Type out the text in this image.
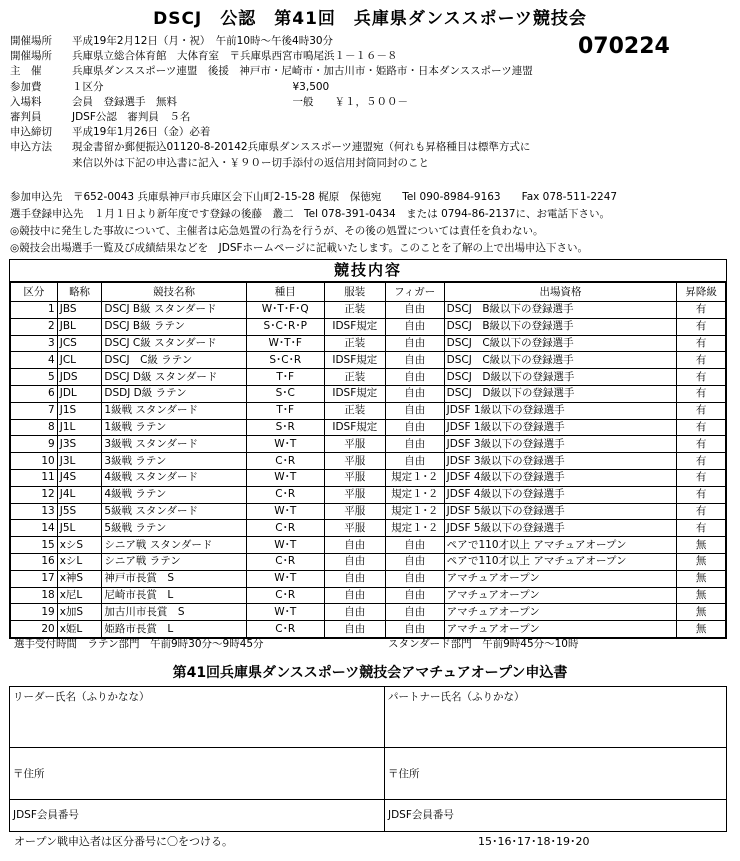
DSCJ　公認　第41回　兵庫県ダンススポーツ競技会
070224
開催場所 平成19年2月12日（月・祝）　午前10時～午後4時30分
開催場所 兵庫県立総合体育館　大体育室　〒兵庫県西宮市鳴尾浜１－１６－８
主　催	兵庫県ダンススポーツ連盟　後援　神戸市・尼崎市・加古川市・姫路市・日本ダンススポーツ連盟
参加費	１区分　　　　　　　　　　　　　　　　　　¥3,500
入場料	会員　登録選手　無料　　　　　　　　　　　一般　　￥１，５００－
審判員	JDSF公認　審判員　５名
申込締切 平成19年1月26日（金）必着
申込方法 現金書留か郵便振込01120-8-20142兵庫県ダンススポーツ連盟宛（何れも昇格種目は標準方式に
来信以外は下記の申込書に記入・￥９０ー切手添付の返信用封筒同封のこと
参加申込先　〒652-0043 兵庫県神戸市兵庫区会下山町2-15-28 梶原　保徳宛　　Tel 090-8984-9163　　Fax 078-511-2247
選手登録申込先　１月１日より新年度です登録の後藤　叢二　Tel 078-391-0434　または 0794-86-2137に、お電話下さい。
◎競技中に発生した事故について、主催者は応急処置の行為を行うが、その後の処置については責任を負わない。
◎競技会出場選手一覧及び成績結果などを　JDSFホームページに記載いたします。このことを了解の上で出場申込下さい。
競技内容
区分	略称	競技名称	種目	服装	フィガー	出場資格	昇降級
1	JBS	DSCJ B級 スタンダード	W･T･F･Q	正装	自由	DSCJ　B級以下の登録選手	有
2	JBL	DSCJ B級 ラテン	S･C･R･P	IDSF規定	自由	DSCJ　B級以下の登録選手	有
3	JCS	DSCJ C級 スタンダード	W･T･F	正装	自由	DSCJ　C級以下の登録選手	有
4	JCL	DSCJ　C級 ラテン	S･C･R	IDSF規定	自由	DSCJ　C級以下の登録選手	有
5	JDS	DSCJ D級 スタンダード	T･F	正装	自由	DSCJ　D級以下の登録選手	有
6	JDL	DSDJ D級 ラテン	S･C	IDSF規定	自由	DSCJ　D級以下の登録選手	有
7	J1S	1級戦 スタンダード	T･F	正装	自由	JDSF 1級以下の登録選手	有
8	J1L	1級戦 ラテン	S･R	IDSF規定	自由	JDSF 1級以下の登録選手	有
9	J3S	3級戦 スタンダード	W･T	平服	自由	JDSF 3級以下の登録選手	有
10	J3L	3級戦 ラテン	C･R	平服	自由	JDSF 3級以下の登録選手	有
11	J4S	4級戦 スタンダード	W･T	平服	規定１･２	JDSF 4級以下の登録選手	有
12	J4L	4級戦 ラテン	C･R	平服	規定１･２	JDSF 4級以下の登録選手	有
13	J5S	5級戦 スタンダード	W･T	平服	規定１･２	JDSF 5級以下の登録選手	有
14	J5L	5級戦 ラテン	C･R	平服	規定１･２	JDSF 5級以下の登録選手	有
15	xシS	シニア戦 スタンダード	W･T	自由	自由	ペアで110才以上 アマチュアオープン	無
16	xシL	シニア戦 ラテン	C･R	自由	自由	ペアで110才以上 アマチュアオープン	無
17	x神S	神戸市長賞　S	W･T	自由	自由	アマチュアオープン	無
18	x尼L	尼崎市長賞　L	C･R	自由	自由	アマチュアオープン	無
19	x加S	加古川市長賞　S	W･T	自由	自由	アマチュアオープン	無
20	x姫L	姫路市長賞　L	C･R	自由	自由	アマチュアオープン	無
選手受付時間　ラテン部門　午前9時30分～9時45分	スタンダード部門　午前9時45分～10時
第41回兵庫県ダンススポーツ競技会アマチュアオープン申込書
リーダー氏名（ふりかなな）	パートナー氏名（ふりかな）
〒住所	〒住所
JDSF会員番号	JDSF会員番号
オープン戦申込者は区分番号に〇をつける。	15･16･17･18･19･20
